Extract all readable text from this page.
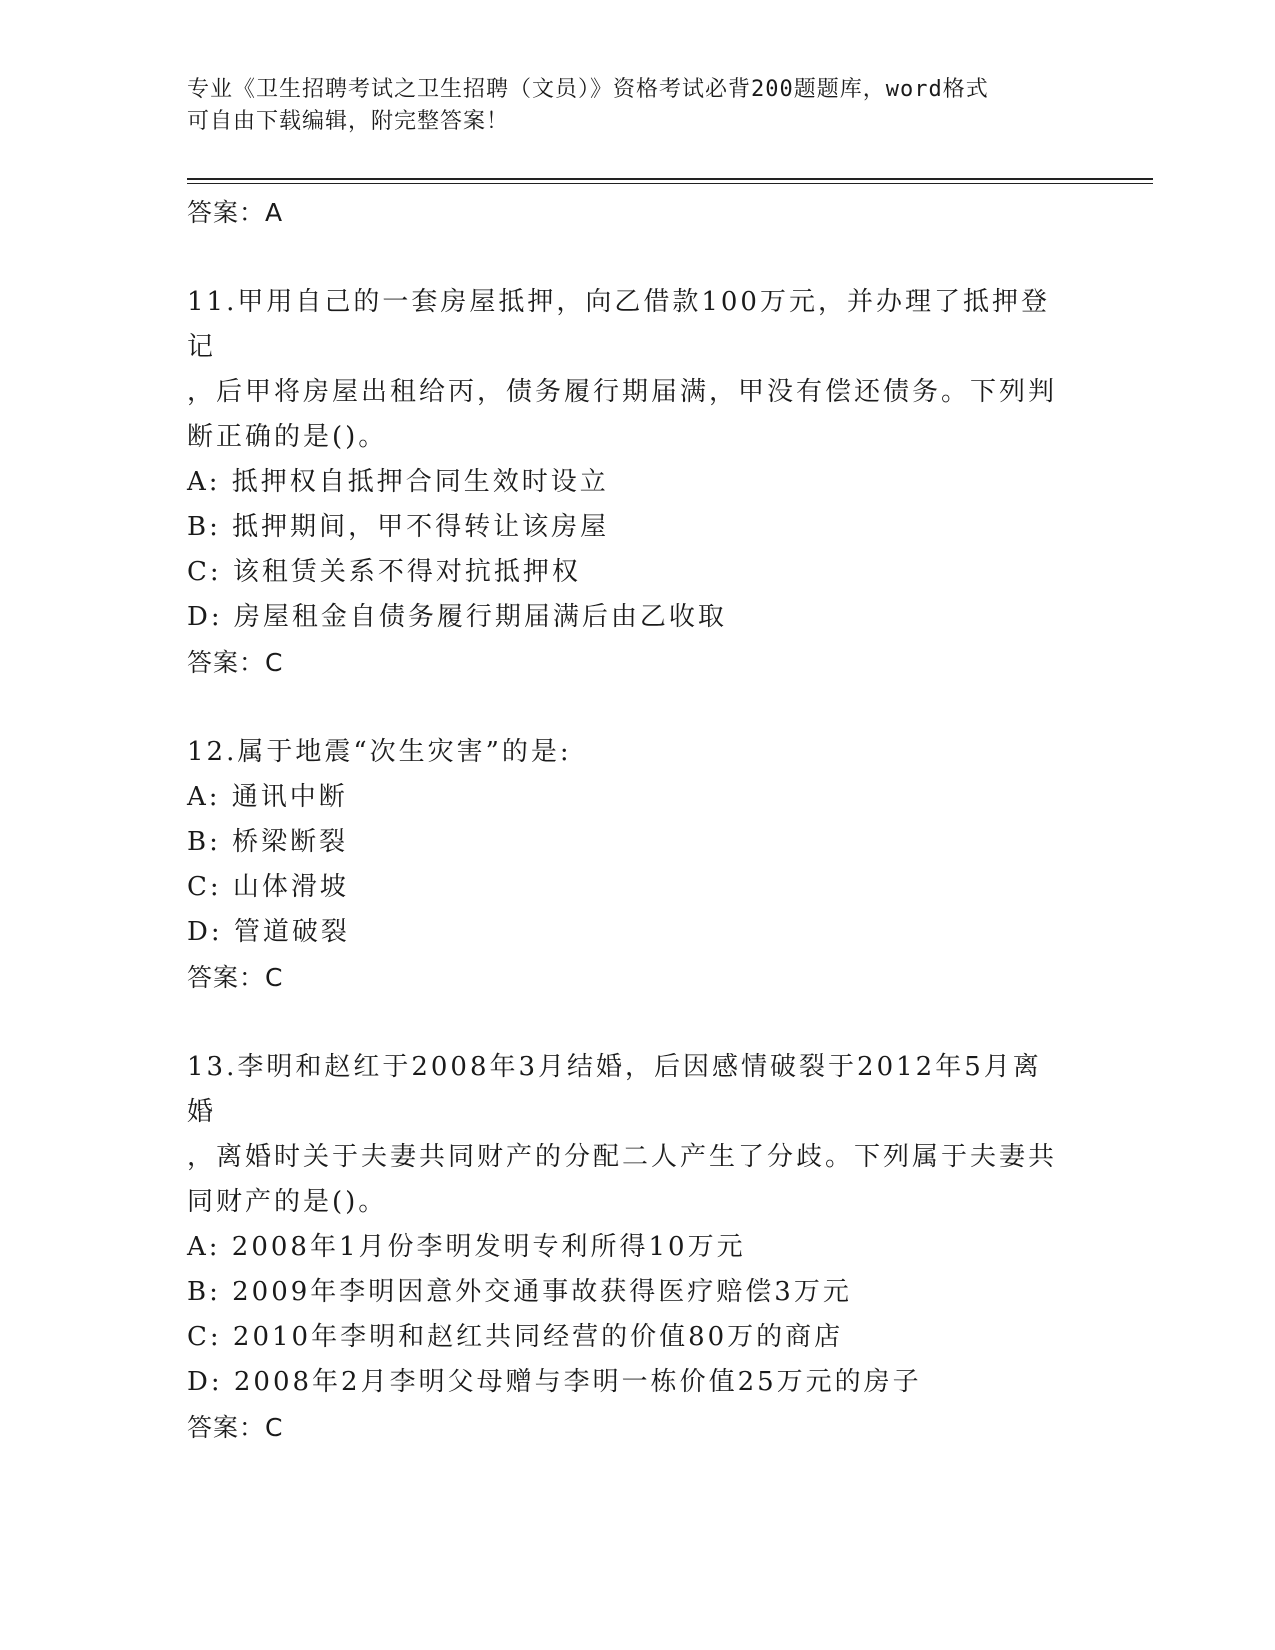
专业《卫生招聘考试之卫生招聘（文员）》资格考试必背200题题库，word格式
可自由下载编辑，附完整答案！
答案：A
11.甲用自己的一套房屋抵押，向乙借款100万元，并办理了抵押登记
，后甲将房屋出租给丙，债务履行期届满，甲没有偿还债务。下列判
断正确的是()。
A: 抵押权自抵押合同生效时设立
B: 抵押期间，甲不得转让该房屋
C: 该租赁关系不得对抗抵押权
D: 房屋租金自债务履行期届满后由乙收取
答案：C
12.属于地震“次生灾害”的是:
A: 通讯中断
B: 桥梁断裂
C: 山体滑坡
D: 管道破裂
答案：C
13.李明和赵红于2008年3月结婚，后因感情破裂于2012年5月离婚
，离婚时关于夫妻共同财产的分配二人产生了分歧。下列属于夫妻共
同财产的是()。
A: 2008年1月份李明发明专利所得10万元
B: 2009年李明因意外交通事故获得医疗赔偿3万元
C: 2010年李明和赵红共同经营的价值80万的商店
D: 2008年2月李明父母赠与李明一栋价值25万元的房子
答案：C
